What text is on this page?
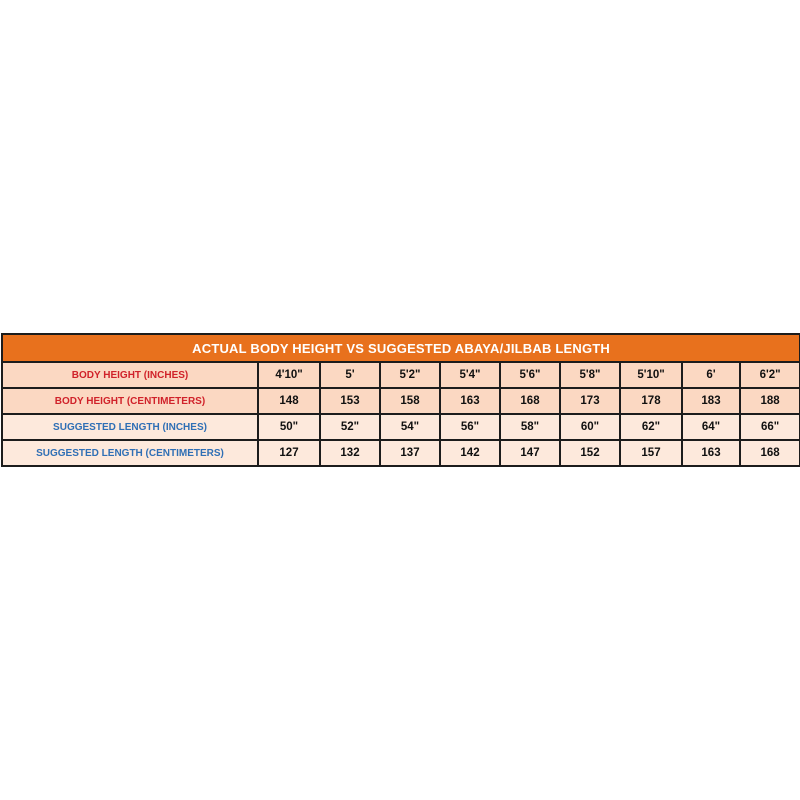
ACTUAL BODY HEIGHT VS SUGGESTED ABAYA/JILBAB LENGTH									
BODY HEIGHT (INCHES)	4'10"	5'	5'2"	5'4"	5'6"	5'8"	5'10"	6'	6'2"
BODY HEIGHT (CENTIMETERS)	148	153	158	163	168	173	178	183	188
SUGGESTED LENGTH (INCHES)	50"	52"	54"	56"	58"	60"	62"	64"	66"
SUGGESTED LENGTH (CENTIMETERS)	127	132	137	142	147	152	157	163	168
